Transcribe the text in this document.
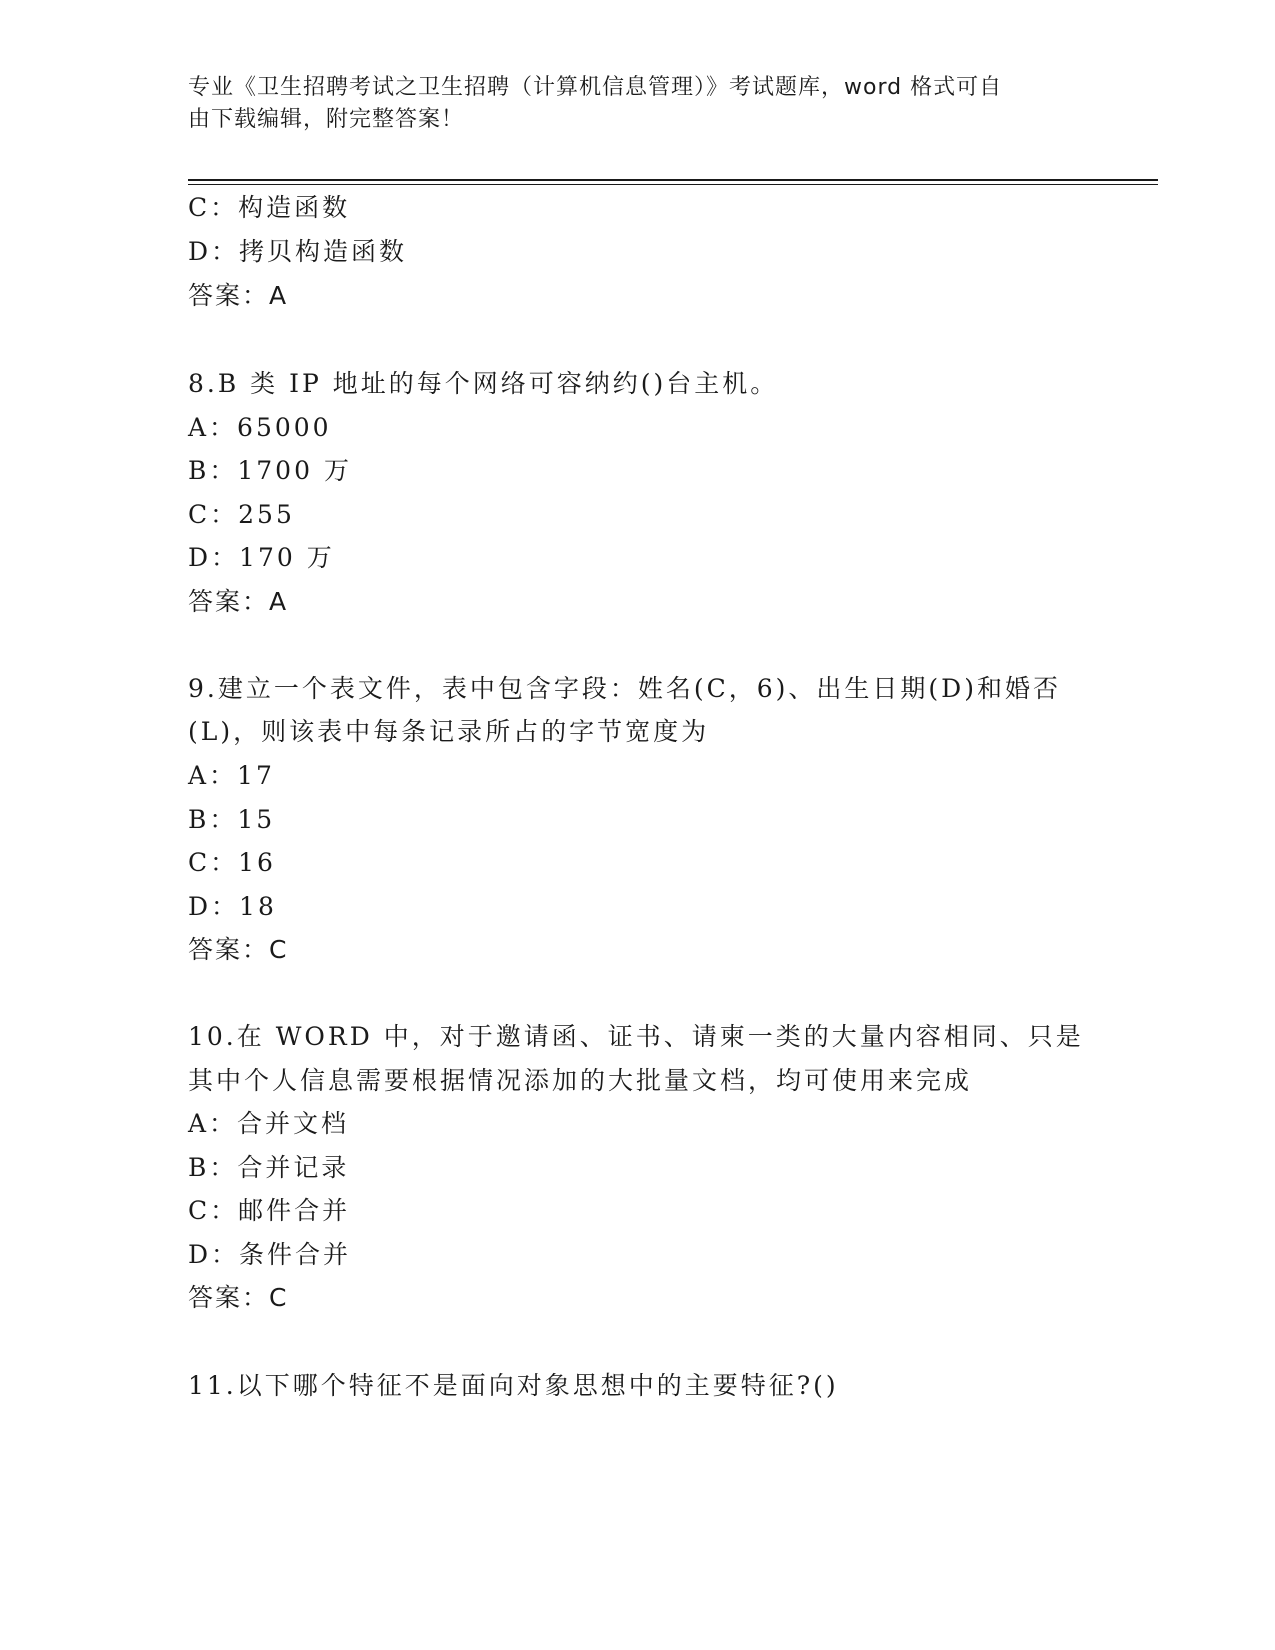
专业《卫生招聘考试之卫生招聘（计算机信息管理）》考试题库，word 格式可自
由下载编辑，附完整答案！
C：构造函数
D：拷贝构造函数
答案：A
8.B 类 IP 地址的每个网络可容纳约()台主机。
A：65000
B：1700 万
C：255
D：170 万
答案：A
9.建立一个表文件，表中包含字段：姓名(C，6)、出生日期(D)和婚否
(L)，则该表中每条记录所占的字节宽度为
A：17
B：15
C：16
D：18
答案：C
10.在 WORD 中，对于邀请函、证书、请柬一类的大量内容相同、只是
其中个人信息需要根据情况添加的大批量文档，均可使用来完成
A：合并文档
B：合并记录
C：邮件合并
D：条件合并
答案：C
11.以下哪个特征不是面向对象思想中的主要特征?()
